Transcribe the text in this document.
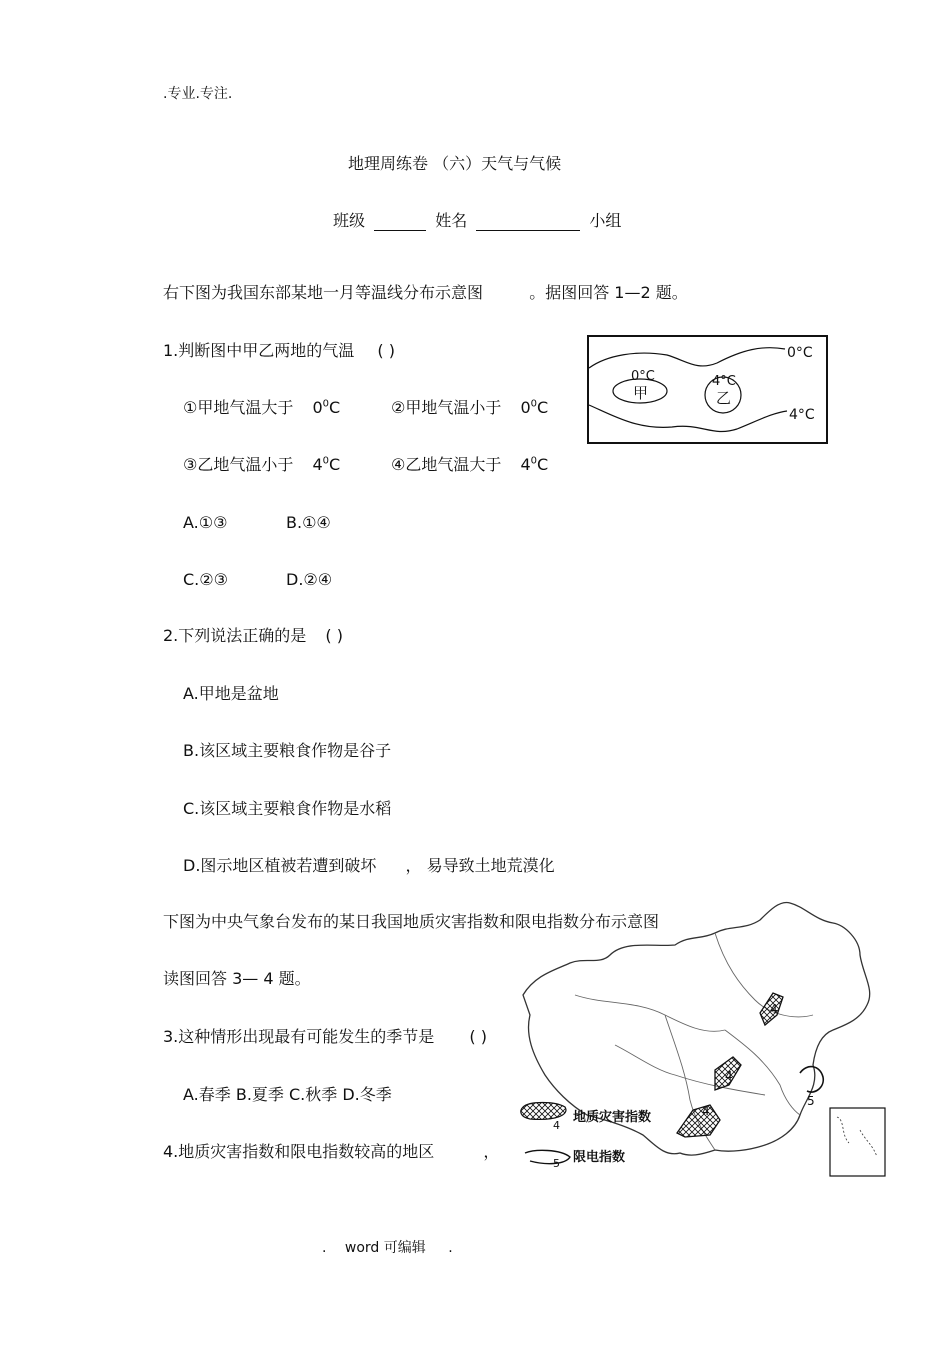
.专业.专注.
地理周练卷 （六）天气与气候
班级	姓名	小组
右下图为我国东部某地一月等温线分布示意图	。据图回答 1—2 题。
1.判断图中甲乙两地的气温 ( )
①甲地气温大于 $0^0C$	②甲地气温小于 $0^0C$
③乙地气温小于 $4^0C$	④乙地气温大于 $4^0C$
A.①③	B.①④
C.②③	D.②④
0°C
4°C
0°C
甲
4°C
乙
2.下列说法正确的是 ( )
A.甲地是盆地
B.该区域主要粮食作物是谷子
C.该区域主要粮食作物是水稻
D.图示地区植被若遭到破坏 ， 易导致土地荒漠化
下图为中央气象台发布的某日我国地质灾害指数和限电指数分布示意图
读图回答 3— 4 题。
3.这种情形出现最有可能发生的季节是 ( )
A.春季 B.夏季 C.秋季 D.冬季
4.地质灾害指数和限电指数较高的地区	，
4
4
4
5
4
地质灾害指数
5 限电指数
. word 可编辑 .
